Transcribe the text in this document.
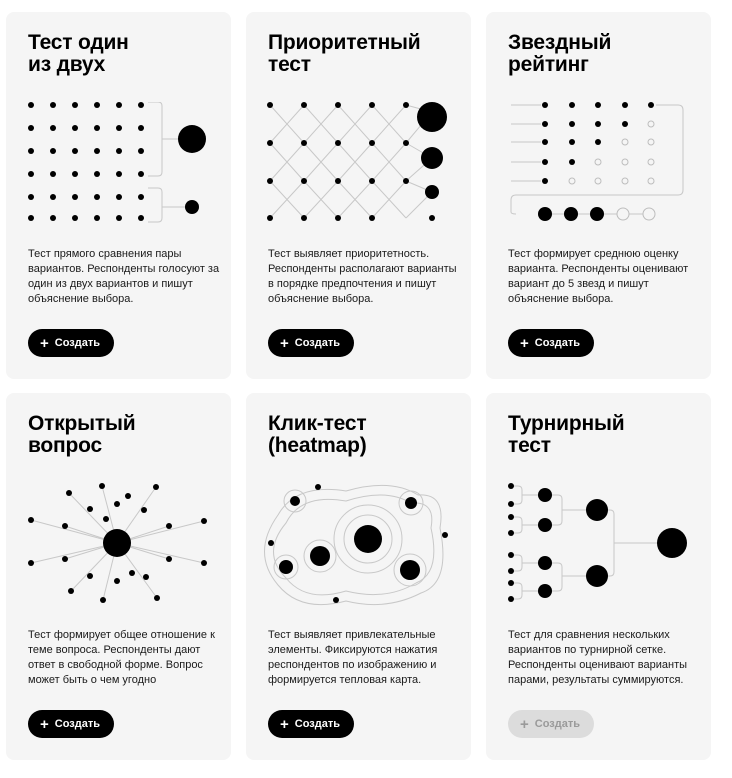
Тест один
из двух
Тест прямого сравнения пары вариантов. Респонденты голосуют за один из двух вариантов и пишут объяснение выбора.
+ Создать
Приоритетный
тест
Тест выявляет приоритетность. Респонденты располагают варианты в порядке предпочтения и пишут объяснение выбора.
+ Создать
Звездный
рейтинг
Тест формирует среднюю оценку варианта. Респонденты оценивают вариант до 5 звезд и пишут объяснение выбора.
+ Создать
Открытый
вопрос
Тест формирует общее отношение к теме вопроса. Респонденты дают ответ в свободной форме. Вопрос может быть о чем угодно
+ Создать
Клик-тест
(heatmap)
Тест выявляет привлекательные элементы. Фиксируются нажатия респондентов по изображению и формируется тепловая карта.
+ Создать
Турнирный
тест
Тест для сравнения нескольких вариантов по турнирной сетке. Респонденты оценивают варианты парами, результаты суммируются.
+ Создать
